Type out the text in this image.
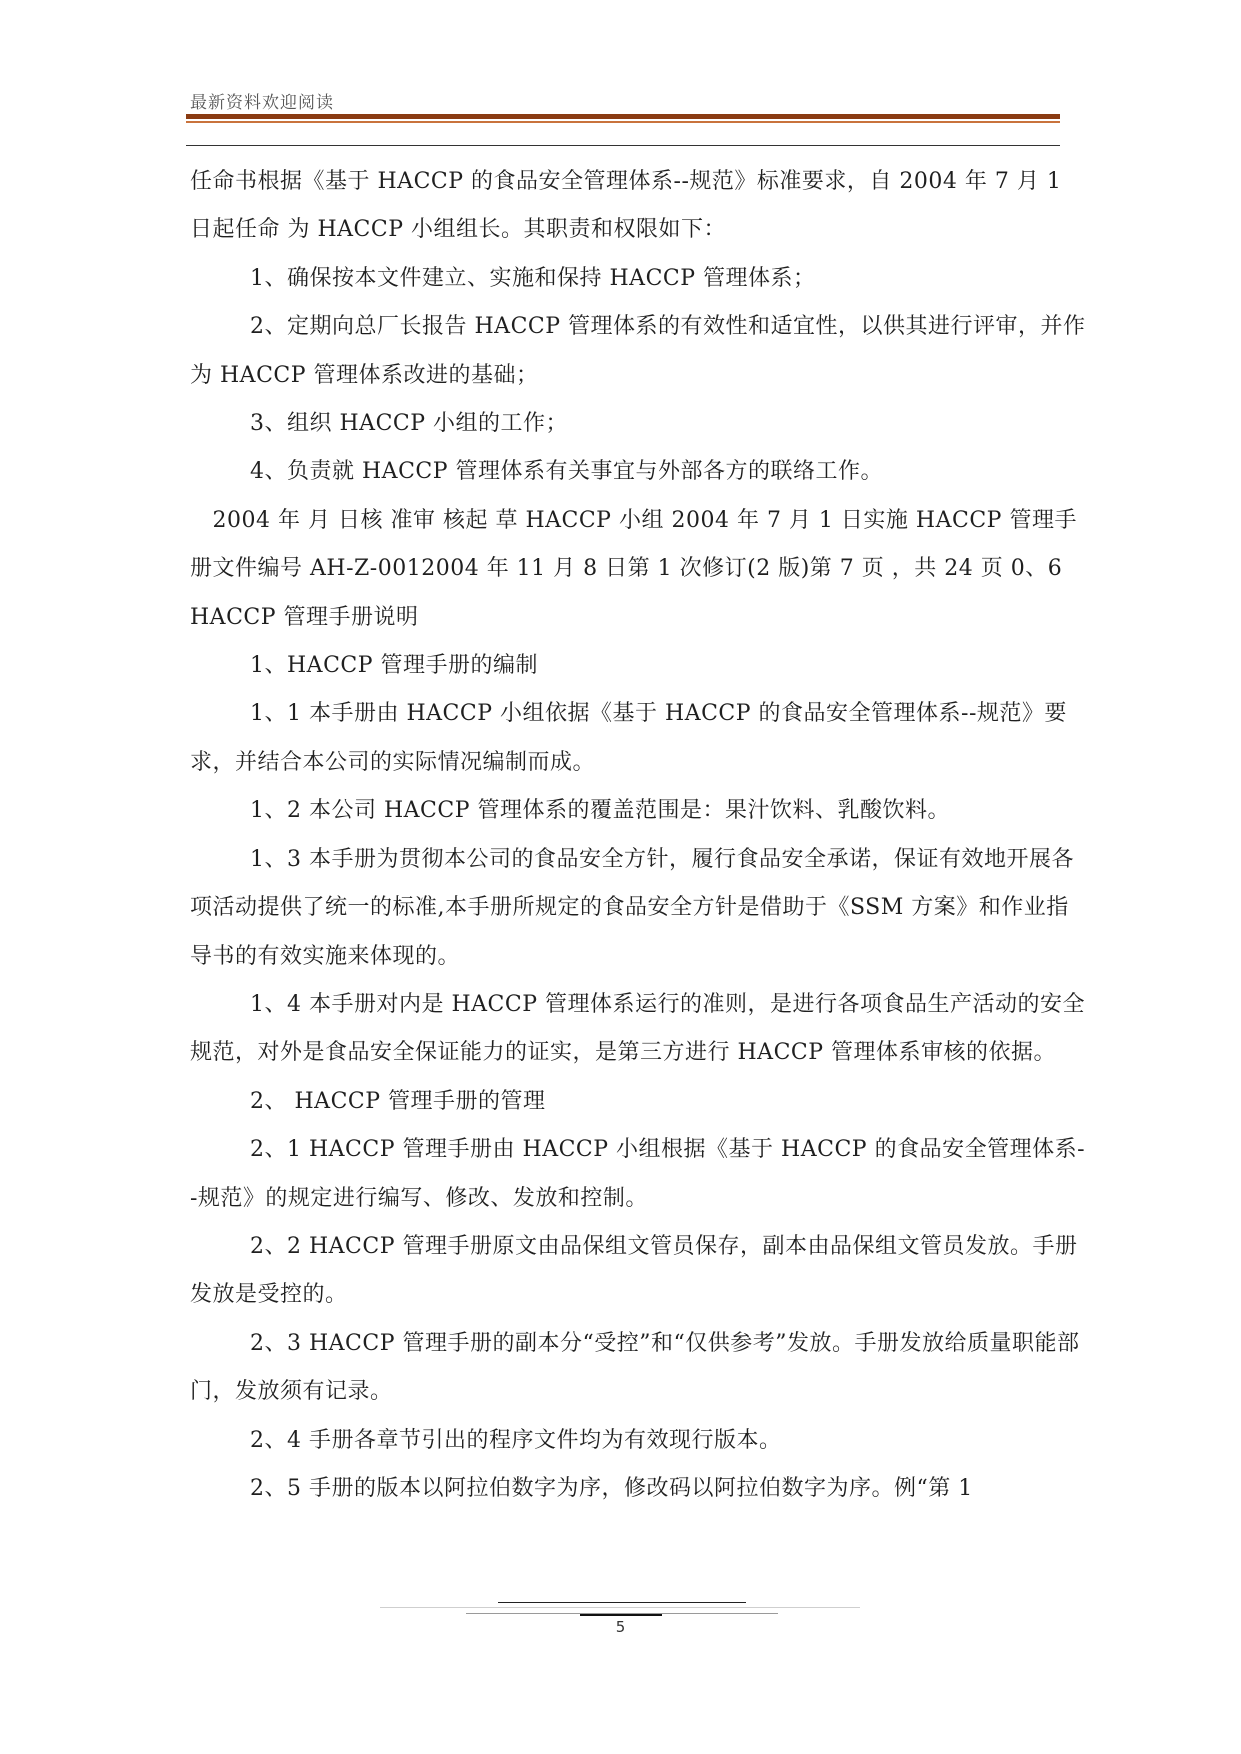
最新资料欢迎阅读

任命书根据《基于 HACCP 的食品安全管理体系--规范》标准要求，自 2004 年 7 月 1 日起任命 为 HACCP 小组组长。其职责和权限如下：

1、确保按本文件建立、实施和保持 HACCP 管理体系；

2、定期向总厂长报告 HACCP 管理体系的有效性和适宜性，以供其进行评审，并作为 HACCP 管理体系改进的基础；

3、组织 HACCP 小组的工作；

4、负责就 HACCP 管理体系有关事宜与外部各方的联络工作。

　2004 年 月 日核 准审 核起 草 HACCP 小组 2004 年 7 月 1 日实施 HACCP 管理手册文件编号 AH-Z-0012004 年 11 月 8 日第 1 次修订(2 版)第 7 页 ，共 24 页 0、6 HACCP 管理手册说明

1、HACCP 管理手册的编制

1、1 本手册由 HACCP 小组依据《基于 HACCP 的食品安全管理体系--规范》要求，并结合本公司的实际情况编制而成。

1、2 本公司 HACCP 管理体系的覆盖范围是：果汁饮料、乳酸饮料。

1、3 本手册为贯彻本公司的食品安全方针，履行食品安全承诺，保证有效地开展各项活动提供了统一的标准,本手册所规定的食品安全方针是借助于《SSM 方案》和作业指导书的有效实施来体现的。

1、4 本手册对内是 HACCP 管理体系运行的准则，是进行各项食品生产活动的安全规范，对外是食品安全保证能力的证实，是第三方进行 HACCP 管理体系审核的依据。

2、 HACCP 管理手册的管理

2、1 HACCP 管理手册由 HACCP 小组根据《基于 HACCP 的食品安全管理体系--规范》的规定进行编写、修改、发放和控制。

2、2 HACCP 管理手册原文由品保组文管员保存，副本由品保组文管员发放。手册发放是受控的。

2、3 HACCP 管理手册的副本分“受控”和“仅供参考”发放。手册发放给质量职能部门，发放须有记录。

2、4 手册各章节引出的程序文件均为有效现行版本。

2、5 手册的版本以阿拉伯数字为序，修改码以阿拉伯数字为序。例“第 1

5
